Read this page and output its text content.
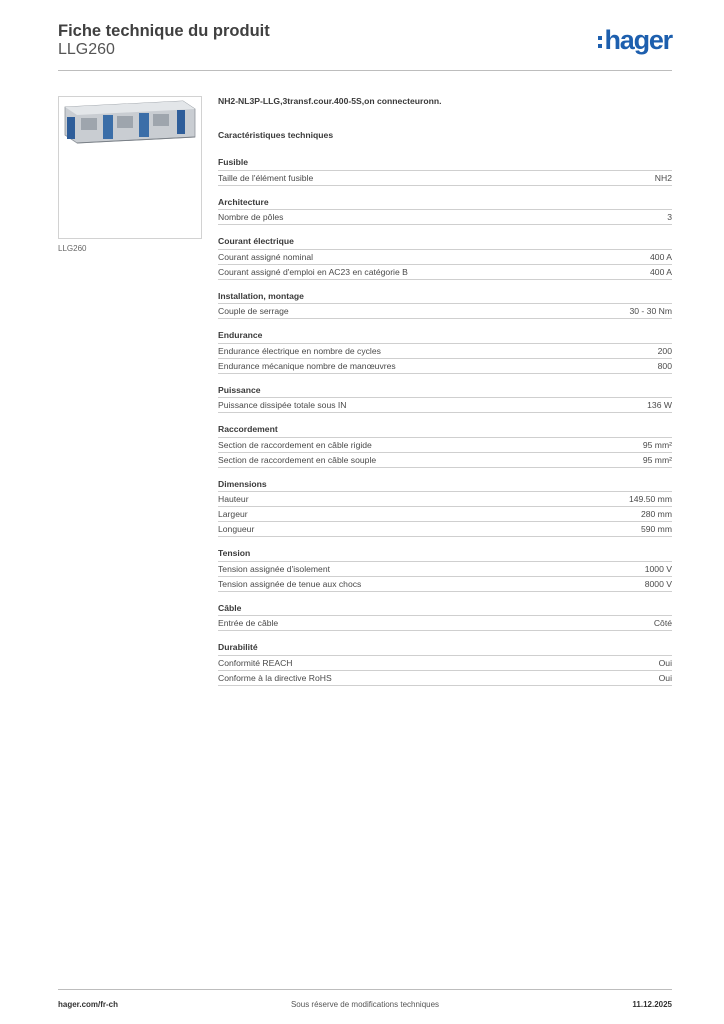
Fiche technique du produit
LLG260	hager
LLG260
NH2-NL3P-LLG,3transf.cour.400-5S,on connecteuronn.
Caractéristiques techniques
Fusible
Taille de l'élément fusible	NH2
Architecture
Nombre de pôles	3
Courant électrique
Courant assigné nominal	400 A
Courant assigné d'emploi en AC23 en catégorie B	400 A
Installation, montage
Couple de serrage	30 - 30 Nm
Endurance
Endurance électrique en nombre de cycles	200
Endurance mécanique nombre de manœuvres	800
Puissance
Puissance dissipée totale sous IN	136 W
Raccordement
Section de raccordement en câble rigide	95 mm²
Section de raccordement en câble souple	95 mm²
Dimensions
Hauteur	149.50 mm
Largeur	280 mm
Longueur	590 mm
Tension
Tension assignée d'isolement	1000 V
Tension assignée de tenue aux chocs	8000 V
Câble
Entrée de câble	Côté
Durabilité
Conformité REACH	Oui
Conforme à la directive RoHS	Oui
hager.com/fr-ch	Sous réserve de modifications techniques	11.12.2025
